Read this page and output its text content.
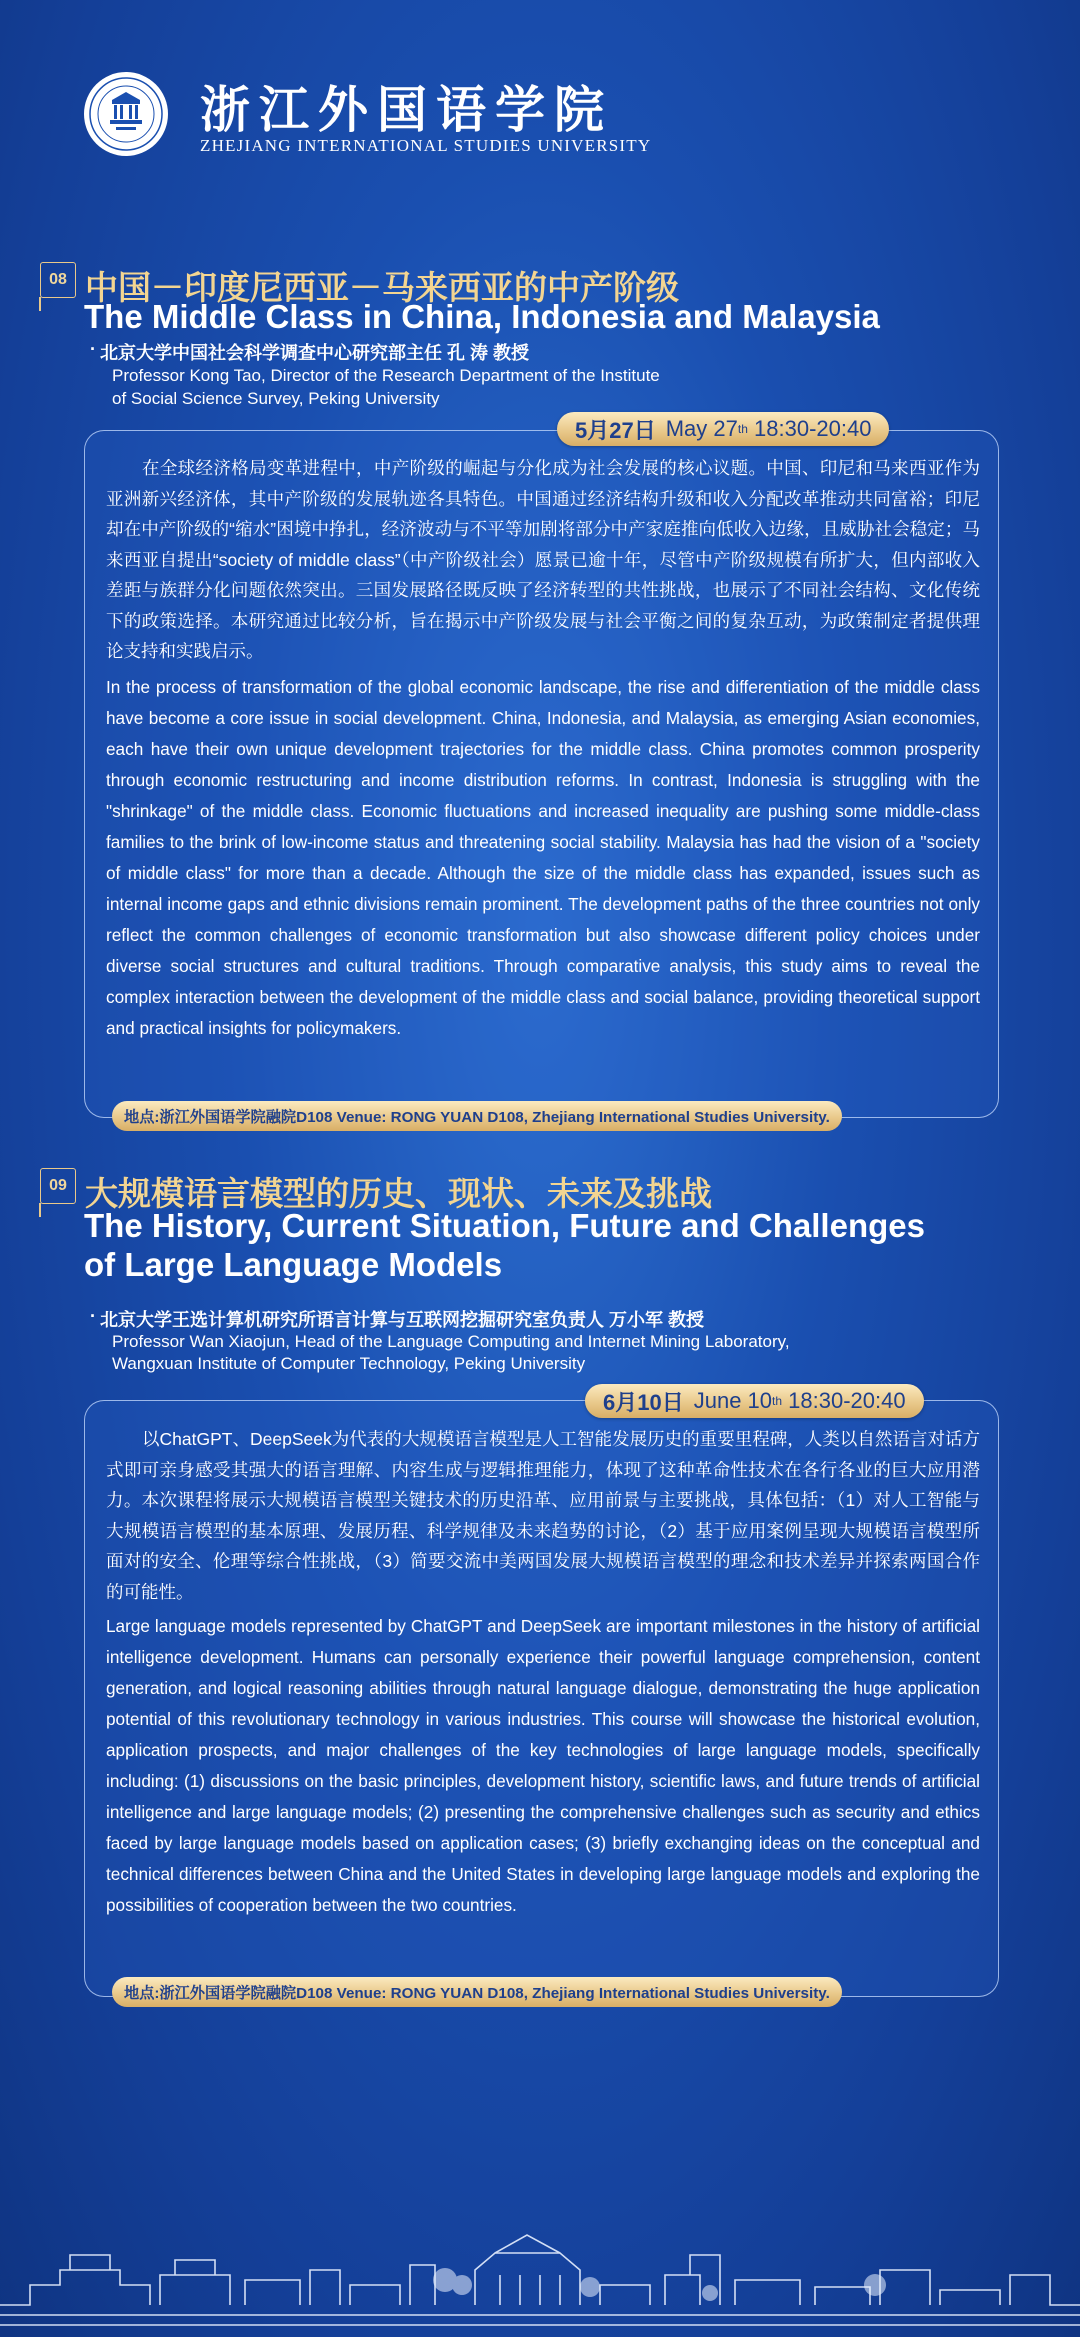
浙江外国语学院
ZHEJIANG INTERNATIONAL STUDIES UNIVERSITY
08 中国－印度尼西亚－马来西亚的中产阶级
The Middle Class in China, Indonesia and Malaysia
· 北京大学中国社会科学调查中心研究部主任 孔 涛 教授
Professor Kong Tao, Director of the Research Department of the Institute
of Social Science Survey, Peking University
5月27日 May 27 th
18:30-20:40
在全球经济格局变革进程中，中产阶级的崛起与分化成为社会发展的核心议题。中国、印尼和马来西亚作为亚洲新兴经济体，其中产阶级的发展轨迹各具特色。中国通过经济结构升级和收入分配改革推动共同富裕；印尼却在中产阶级的“缩水”困境中挣扎，经济波动与不平等加剧将部分中产家庭推向低收入边缘，且威胁社会稳定；马来西亚自提出“society of middle class”（中产阶级社会）愿景已逾十年，尽管中产阶级规模有所扩大，但内部收入差距与族群分化问题依然突出。三国发展路径既反映了经济转型的共性挑战，也展示了不同社会结构、文化传统下的政策选择。本研究通过比较分析，旨在揭示中产阶级发展与社会平衡之间的复杂互动，为政策制定者提供理论支持和实践启示。
In the process of transformation of the global economic landscape, the rise and differentiation of the middle class have become a core issue in social development. China, Indonesia, and Malaysia, as emerging Asian economies, each have their own unique development trajectories for the middle class. China promotes common prosperity through economic restructuring and income distribution reforms. In contrast, Indonesia is struggling with the "shrinkage" of the middle class. Economic fluctuations and increased inequality are pushing some middle-class families to the brink of low-income status and threatening social stability. Malaysia has had the vision of a "society of middle class" for more than a decade. Although the size of the middle class has expanded, issues such as internal income gaps and ethnic divisions remain prominent. The development paths of the three countries not only reflect the common challenges of economic transformation but also showcase different policy choices under diverse social structures and cultural traditions. Through comparative analysis, this study aims to reveal the complex interaction between the development of the middle class and social balance, providing theoretical support and practical insights for policymakers.
地点:浙江外国语学院融院D108 Venue: RONG YUAN D108, Zhejiang International Studies University.
09 大规模语言模型的历史、现状、未来及挑战
The History, Current Situation, Future and Challenges
of Large Language Models
· 北京大学王选计算机研究所语言计算与互联网挖掘研究室负责人 万小军 教授
Professor Wan Xiaojun, Head of the Language Computing and Internet Mining Laboratory,
Wangxuan Institute of Computer Technology, Peking University
6月10日 June 10 th
18:30-20:40
以ChatGPT、DeepSeek为代表的大规模语言模型是人工智能发展历史的重要里程碑，人类以自然语言对话方式即可亲身感受其强大的语言理解、内容生成与逻辑推理能力，体现了这种革命性技术在各行各业的巨大应用潜力。本次课程将展示大规模语言模型关键技术的历史沿革、应用前景与主要挑战，具体包括：（1）对人工智能与大规模语言模型的基本原理、发展历程、科学规律及未来趋势的讨论，（2）基于应用案例呈现大规模语言模型所面对的安全、伦理等综合性挑战，（3）简要交流中美两国发展大规模语言模型的理念和技术差异并探索两国合作的可能性。
Large language models represented by ChatGPT and DeepSeek are important milestones in the history of artificial intelligence development. Humans can personally experience their powerful language comprehension, content generation, and logical reasoning abilities through natural language dialogue, demonstrating the huge application potential of this revolutionary technology in various industries. This course will showcase the historical evolution, application prospects, and major challenges of the key technologies of large language models, specifically including: (1) discussions on the basic principles, development history, scientific laws, and future trends of artificial intelligence and large language models; (2) presenting the comprehensive challenges such as security and ethics faced by large language models based on application cases; (3) briefly exchanging ideas on the conceptual and technical differences between China and the United States in developing large language models and exploring the possibilities of cooperation between the two countries.
地点:浙江外国语学院融院D108 Venue: RONG YUAN D108, Zhejiang International Studies University.
